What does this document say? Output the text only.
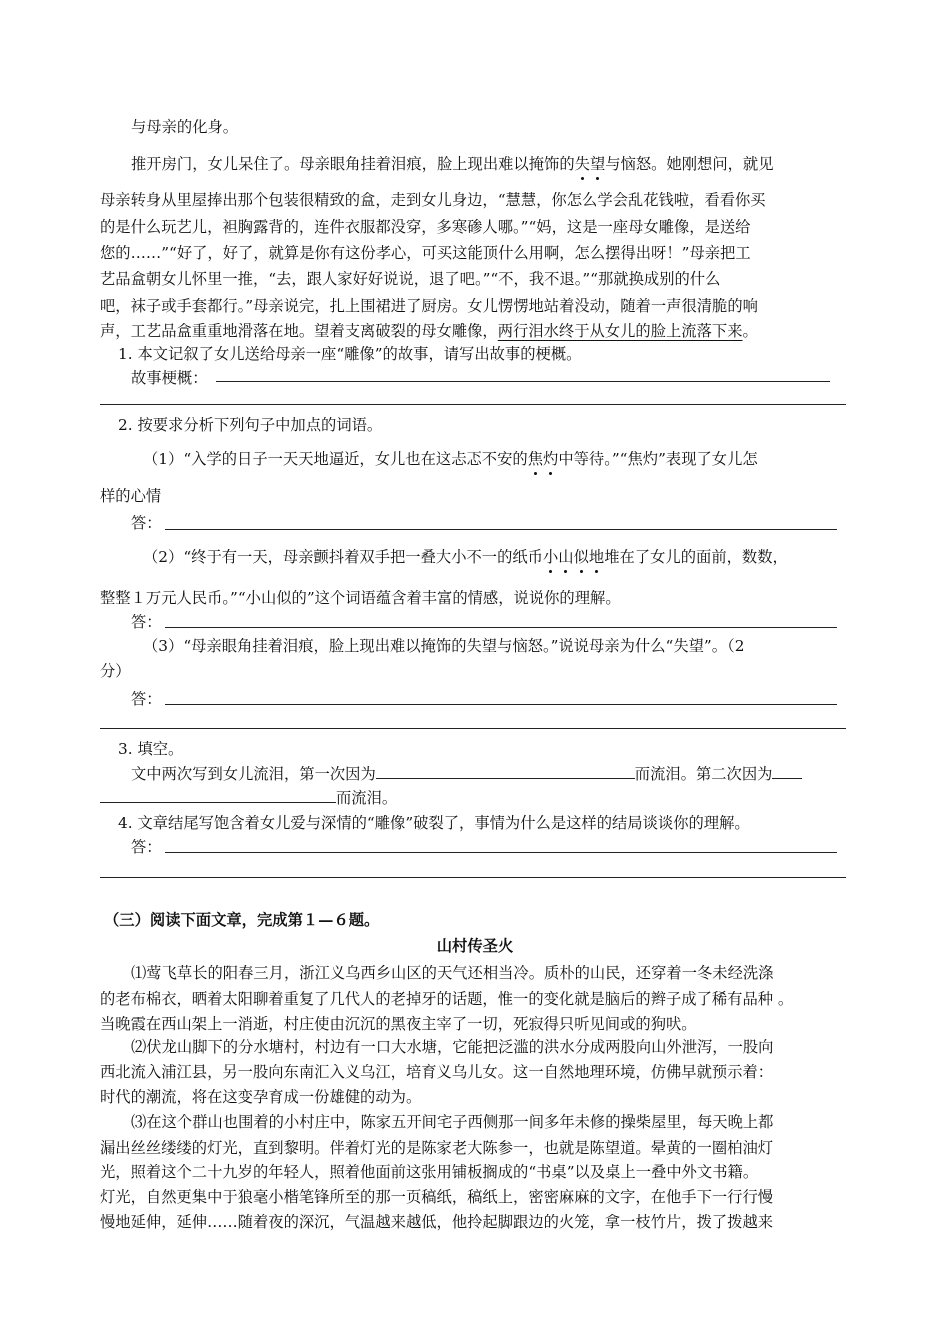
与母亲的化身。
推开房门，女儿呆住了。母亲眼角挂着泪痕，脸上现出难以掩饰的失望与恼怒。她刚想问，就见
母亲转身从里屋捧出那个包装很精致的盒，走到女儿身边，“慧慧，你怎么学会乱花钱啦，看看你买
的是什么玩艺儿，袒胸露背的，连件衣服都没穿，多寒碜人哪。”“妈，这是一座母女雕像，是送给
您的……”“好了，好了，就算是你有这份孝心，可买这能顶什么用啊，怎么摆得出呀！”母亲把工
艺品盒朝女儿怀里一推，“去，跟人家好好说说，退了吧。”“不，我不退。”“那就换成别的什么
吧，袜子或手套都行。”母亲说完，扎上围裙进了厨房。女儿愣愣地站着没动，随着一声很清脆的响
声，工艺品盒重重地滑落在地。望着支离破裂的母女雕像，两行泪水终于从女儿的脸上流落下来。
1. 本文记叙了女儿送给母亲一座“雕像”的故事，请写出故事的梗概。
故事梗概：
2. 按要求分析下列句子中加点的词语。
（1）“入学的日子一天天地逼近，女儿也在这忐忑不安的焦灼中等待。”“焦灼”表现了女儿怎
样的心情
答：
（2）“终于有一天，母亲颤抖着双手把一叠大小不一的纸币小山似地堆在了女儿的面前，数数，
整整１万元人民币。”“小山似的”这个词语蕴含着丰富的情感，说说你的理解。
答：
（3）“母亲眼角挂着泪痕，脸上现出难以掩饰的失望与恼怒。”说说母亲为什么“失望”。（2
分）
答：
3. 填空。
文中两次写到女儿流泪，第一次因为	而流泪。第二次因为
而流泪。
4. 文章结尾写饱含着女儿爱与深情的“雕像”破裂了，事情为什么是这样的结局谈谈你的理解。
答：
（三）阅读下面文章，完成第１—６题。
山村传圣火
⑴莺飞草长的阳春三月，浙江义乌西乡山区的天气还相当冷。质朴的山民，还穿着一冬未经洗涤
的老布棉衣，晒着太阳聊着重复了几代人的老掉牙的话题，惟一的变化就是脑后的辫子成了稀有品种 。
当晚霞在西山架上一消逝，村庄使由沉沉的黑夜主宰了一切，死寂得只听见间或的狗吠。
⑵伏龙山脚下的分水塘村，村边有一口大水塘，它能把泛滥的洪水分成两股向山外泄泻，一股向
西北流入浦江县，另一股向东南汇入义乌江，培育义乌儿女。这一自然地理环境，仿佛早就预示着：
时代的潮流，将在这变孕育成一份雄健的动为。
⑶在这个群山也围着的小村庄中，陈家五开间宅子西侧那一间多年未修的操柴屋里，每天晚上都
漏出丝丝缕缕的灯光，直到黎明。伴着灯光的是陈家老大陈参一，也就是陈望道。晕黄的一圈柏油灯
光，照着这个二十九岁的年轻人，照着他面前这张用铺板搁成的“书桌”以及桌上一叠中外文书籍。
灯光，自然更集中于狼毫小楷笔锋所至的那一页稿纸，稿纸上，密密麻麻的文字，在他手下一行行慢
慢地延伸，延伸……随着夜的深沉，气温越来越低，他拎起脚跟边的火笼，拿一枝竹片，拨了拨越来
